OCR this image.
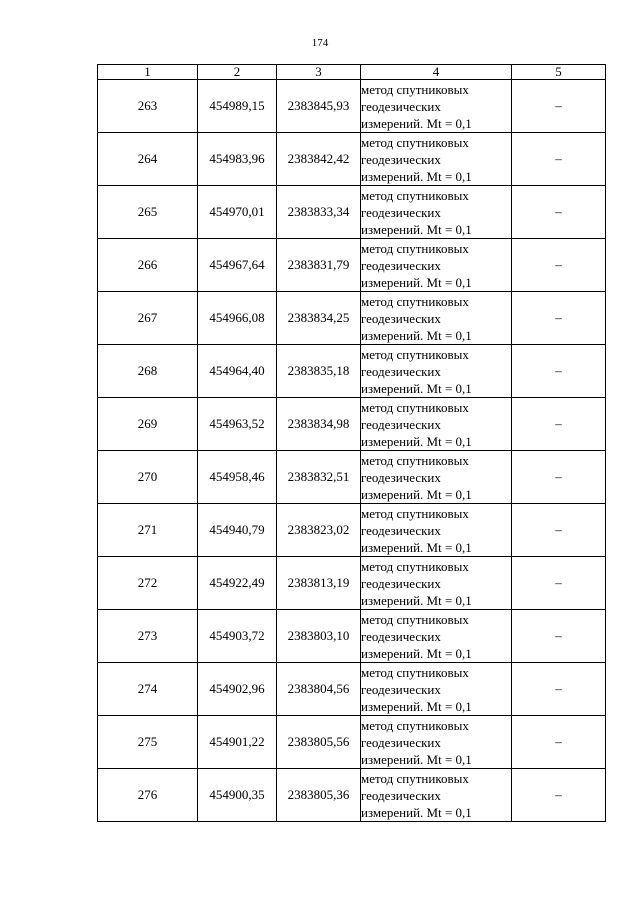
174
1	2	3	4	5
263	454989,15	2383845,93	метод спутниковых
геодезических
измерений. Mt = 0,1	–
264	454983,96	2383842,42	метод спутниковых
геодезических
измерений. Mt = 0,1	–
265	454970,01	2383833,34	метод спутниковых
геодезических
измерений. Mt = 0,1	–
266	454967,64	2383831,79	метод спутниковых
геодезических
измерений. Mt = 0,1	–
267	454966,08	2383834,25	метод спутниковых
геодезических
измерений. Mt = 0,1	–
268	454964,40	2383835,18	метод спутниковых
геодезических
измерений. Mt = 0,1	–
269	454963,52	2383834,98	метод спутниковых
геодезических
измерений. Mt = 0,1	–
270	454958,46	2383832,51	метод спутниковых
геодезических
измерений. Mt = 0,1	–
271	454940,79	2383823,02	метод спутниковых
геодезических
измерений. Mt = 0,1	–
272	454922,49	2383813,19	метод спутниковых
геодезических
измерений. Mt = 0,1	–
273	454903,72	2383803,10	метод спутниковых
геодезических
измерений. Mt = 0,1	–
274	454902,96	2383804,56	метод спутниковых
геодезических
измерений. Mt = 0,1	–
275	454901,22	2383805,56	метод спутниковых
геодезических
измерений. Mt = 0,1	–
276	454900,35	2383805,36	метод спутниковых
геодезических
измерений. Mt = 0,1	–
